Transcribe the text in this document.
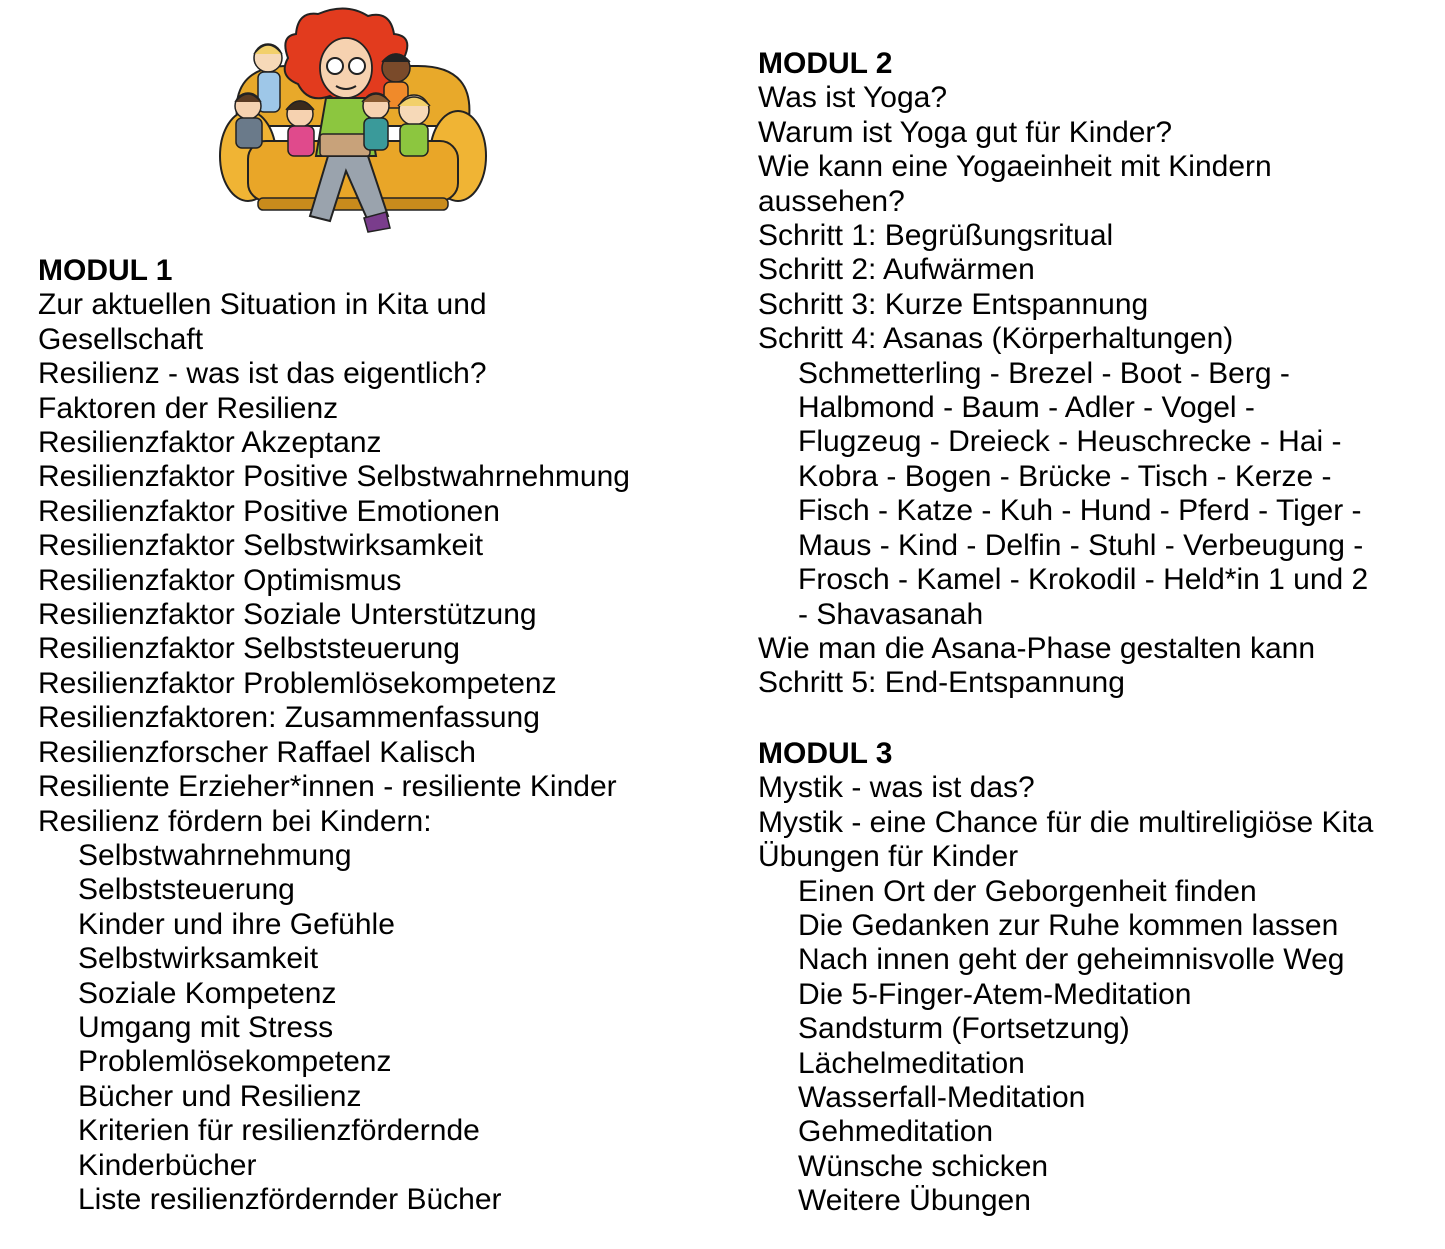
MODUL 1

Zur aktuellen Situation in Kita und

Gesellschaft

Resilienz - was ist das eigentlich?

Faktoren der Resilienz

Resilienzfaktor Akzeptanz

Resilienzfaktor Positive Selbstwahrnehmung

Resilienzfaktor Positive Emotionen

Resilienzfaktor Selbstwirksamkeit

Resilienzfaktor Optimismus

Resilienzfaktor Soziale Unterstützung

Resilienzfaktor Selbststeuerung

Resilienzfaktor Problemlösekompetenz

Resilienzfaktoren: Zusammenfassung

Resilienzforscher Raffael Kalisch

Resiliente Erzieher*innen - resiliente Kinder

Resilienz fördern bei Kindern:

Selbstwahrnehmung

Selbststeuerung

Kinder und ihre Gefühle

Selbstwirksamkeit

Soziale Kompetenz

Umgang mit Stress

Problemlösekompetenz

Bücher und Resilienz

Kriterien für resilienzfördernde

Kinderbücher

Liste resilienzfördernder Bücher

MODUL 2

Was ist Yoga?

Warum ist Yoga gut für Kinder?

Wie kann eine Yogaeinheit mit Kindern

aussehen?

Schritt 1: Begrüßungsritual

Schritt 2: Aufwärmen

Schritt 3: Kurze Entspannung

Schritt 4: Asanas (Körperhaltungen)

Schmetterling - Brezel - Boot - Berg -

Halbmond - Baum - Adler - Vogel -

Flugzeug - Dreieck - Heuschrecke - Hai -

Kobra - Bogen - Brücke - Tisch - Kerze -

Fisch - Katze - Kuh - Hund - Pferd - Tiger -

Maus - Kind - Delfin - Stuhl - Verbeugung -

Frosch - Kamel - Krokodil - Held*in 1 und 2

- Shavasanah

Wie man die Asana-Phase gestalten kann

Schritt 5: End-Entspannung

MODUL 3

Mystik - was ist das?

Mystik - eine Chance für die multireligiöse Kita

Übungen für Kinder

Einen Ort der Geborgenheit finden

Die Gedanken zur Ruhe kommen lassen

Nach innen geht der geheimnisvolle Weg

Die 5-Finger-Atem-Meditation

Sandsturm (Fortsetzung)

Lächelmeditation

Wasserfall-Meditation

Gehmeditation

Wünsche schicken

Weitere Übungen
